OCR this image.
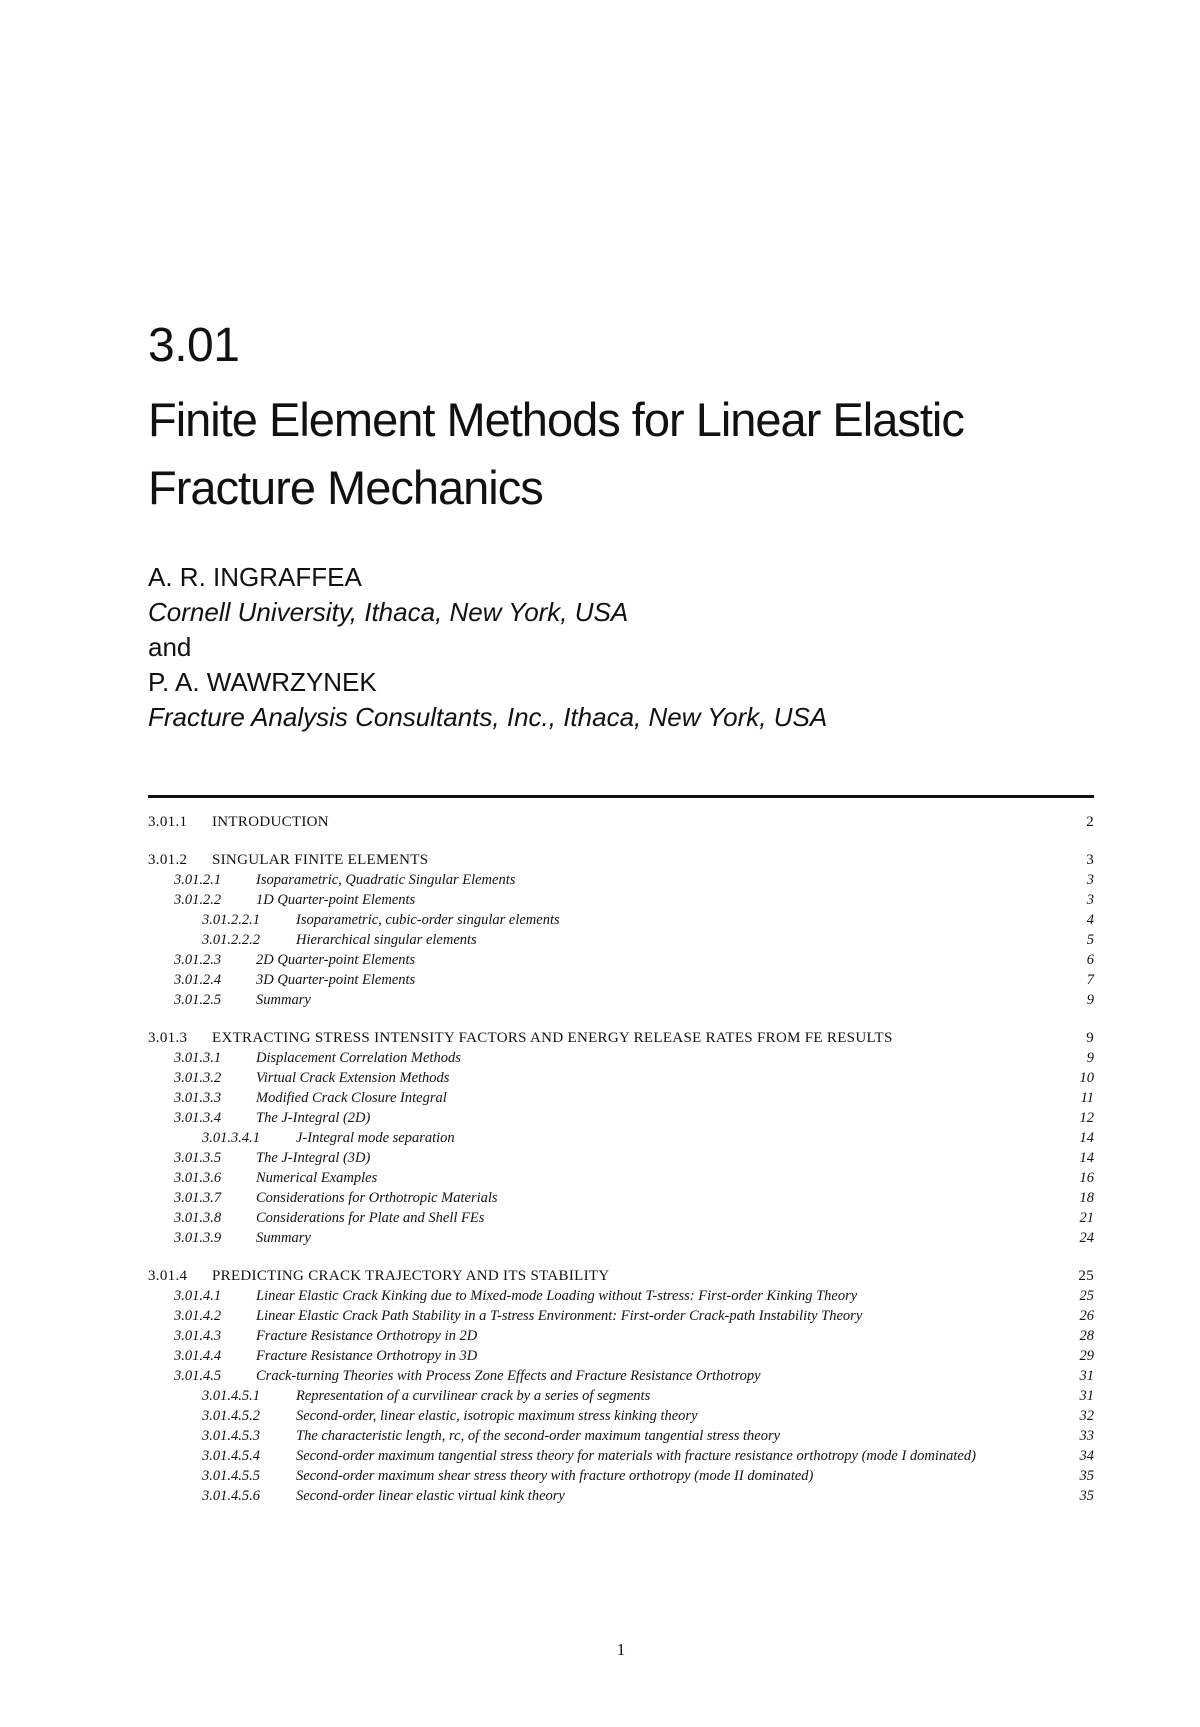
3.01
Finite Element Methods for Linear Elastic
Fracture Mechanics
A. R. INGRAFFEA
Cornell University, Ithaca, New York, USA
and
P. A. WAWRZYNEK
Fracture Analysis Consultants, Inc., Ithaca, New York, USA
3.01.1	INTRODUCTION	2
3.01.2	SINGULAR FINITE ELEMENTS	3
3.01.2.1	Isoparametric, Quadratic Singular Elements	3
3.01.2.2	1D Quarter-point Elements	3
3.01.2.2.1	Isoparametric, cubic-order singular elements	4
3.01.2.2.2	Hierarchical singular elements	5
3.01.2.3	2D Quarter-point Elements	6
3.01.2.4	3D Quarter-point Elements	7
3.01.2.5	Summary	9
3.01.3	EXTRACTING STRESS INTENSITY FACTORS AND ENERGY RELEASE RATES FROM FE RESULTS	9
3.01.3.1	Displacement Correlation Methods	9
3.01.3.2	Virtual Crack Extension Methods	10
3.01.3.3	Modified Crack Closure Integral	11
3.01.3.4	The J-Integral (2D)	12
3.01.3.4.1	J-Integral mode separation	14
3.01.3.5	The J-Integral (3D)	14
3.01.3.6	Numerical Examples	16
3.01.3.7	Considerations for Orthotropic Materials	18
3.01.3.8	Considerations for Plate and Shell FEs	21
3.01.3.9	Summary	24
3.01.4	PREDICTING CRACK TRAJECTORY AND ITS STABILITY	25
3.01.4.1	Linear Elastic Crack Kinking due to Mixed-mode Loading without T-stress: First-order Kinking Theory	25
3.01.4.2	Linear Elastic Crack Path Stability in a T-stress Environment: First-order Crack-path Instability Theory	26
3.01.4.3	Fracture Resistance Orthotropy in 2D	28
3.01.4.4	Fracture Resistance Orthotropy in 3D	29
3.01.4.5	Crack-turning Theories with Process Zone Effects and Fracture Resistance Orthotropy	31
3.01.4.5.1	Representation of a curvilinear crack by a series of segments	31
3.01.4.5.2	Second-order, linear elastic, isotropic maximum stress kinking theory	32
3.01.4.5.3	The characteristic length, rc, of the second-order maximum tangential stress theory	33
3.01.4.5.4	Second-order maximum tangential stress theory for materials with fracture resistance orthotropy (mode I dominated)	34
3.01.4.5.5	Second-order maximum shear stress theory with fracture orthotropy (mode II dominated)	35
3.01.4.5.6	Second-order linear elastic virtual kink theory	35
1
